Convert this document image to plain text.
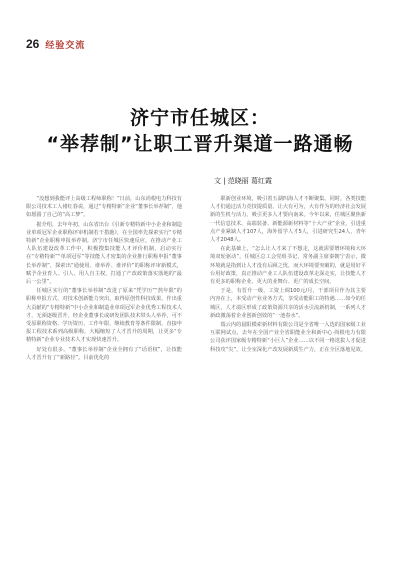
26 经验交流
济宁市任城区：
“举荐制”让职工晋升渠道一路通畅
文 | 范晓丽 葛红霞

“没想到我能评上高级工程师职称！”日前，山东尚根电力科技有限公司技术工人褚红春说，通过“专精特新”企业“董事长举荐制”，他如愿圆了自己的“高工梦”。

据介绍，去年年初，山东省出台《引新专精特新中小企业和制造业单项冠军企业职称评审机制若干措施》，在全国率先探索实行“专精特新”企业职称申报举荐制。济宁市任城区快速反应，在推动产业工人队伍建设改革工作中，积极搜集技能人才评价机制，启动实行在“专精特新”“单项冠军”等技能人才密集的企业推行职称申报“董事长举荐制”，探索出“通使用、谁举荐、谁评价”的职称评审新模式，赋予企业育人、引人、用人自主权，打通了产改政策落实落地的“最后一公里”。

任城区实行的“董事长举荐制”改进了原来“凭学历”“熬年限”的职称申报方式，对技术创新能力突出，取得原创性科技成果，作出重大贡献的“专精特新”中小企业和制造业单项冠军企业优秀工程技术人才，无须逐级晋升，经企业董事长或研发团队技术带头人举荐，可不受原职称资格、学历资历、工作年限、继续教育等条件限制，直接申报工程技术系列高级职称，大幅缩短了人才晋升的周期，让更多“专精特新”企业专业技术人才实现快速晋升。

好处有很多。“董事长举荐制”企业全拥有了“话语权”，让技能人才晋升有了“新路径”。目前优化的

职新创业环境，吸引着五湖四海人才不断聚集。同时，各类技能人才们通过活力竞技提质量、让大有可为，大有作为的经济社会发展新的生机与活力，吸引更多人才要向南来。今年以来，任城区聚焦新一代信息技术、高端装备、新能源新材料等“十大产业”企业，引进重点产业紧缺人才107人，海外留学人才5人，引进研究生24人，青年人才2048人。

在此基础上，“怎么让人才来了不想走，这就需要增环境和大环境双轮驱动”。任城区总工会党组书记、常务副主席秦朝宁表示，微环境就是指到让人才没有后顾之忧，而大环境要突破的，就是用好平台用好政策，真正推动产业工人队伍建设改革走深走实，让技能人才有更多的职称企业、更大的业舞台、更广的成长空间。

于是，有晋升一级、工资上调100元/月，干部项目作为其主要内容在上，本受动产业业务方式，享受动能职工的特遇……如今的任城区，人才溢区形成了政策资源共享的活水引流新机制，一系列人才新政激荡着企业创新创效的“一池春水”。

瑞云内的晨阳模索新材料有限公司是全省唯一入选的国家级工业互联网试点，去年在全国产业全省职能业全和新中心·尚根电力有限公司获评国家级专精特新“小巨人”企业……以不同一格选拔人才促进科技攻“尖”，让全室深化产改发展新质生产力，正在全区落地见效。
